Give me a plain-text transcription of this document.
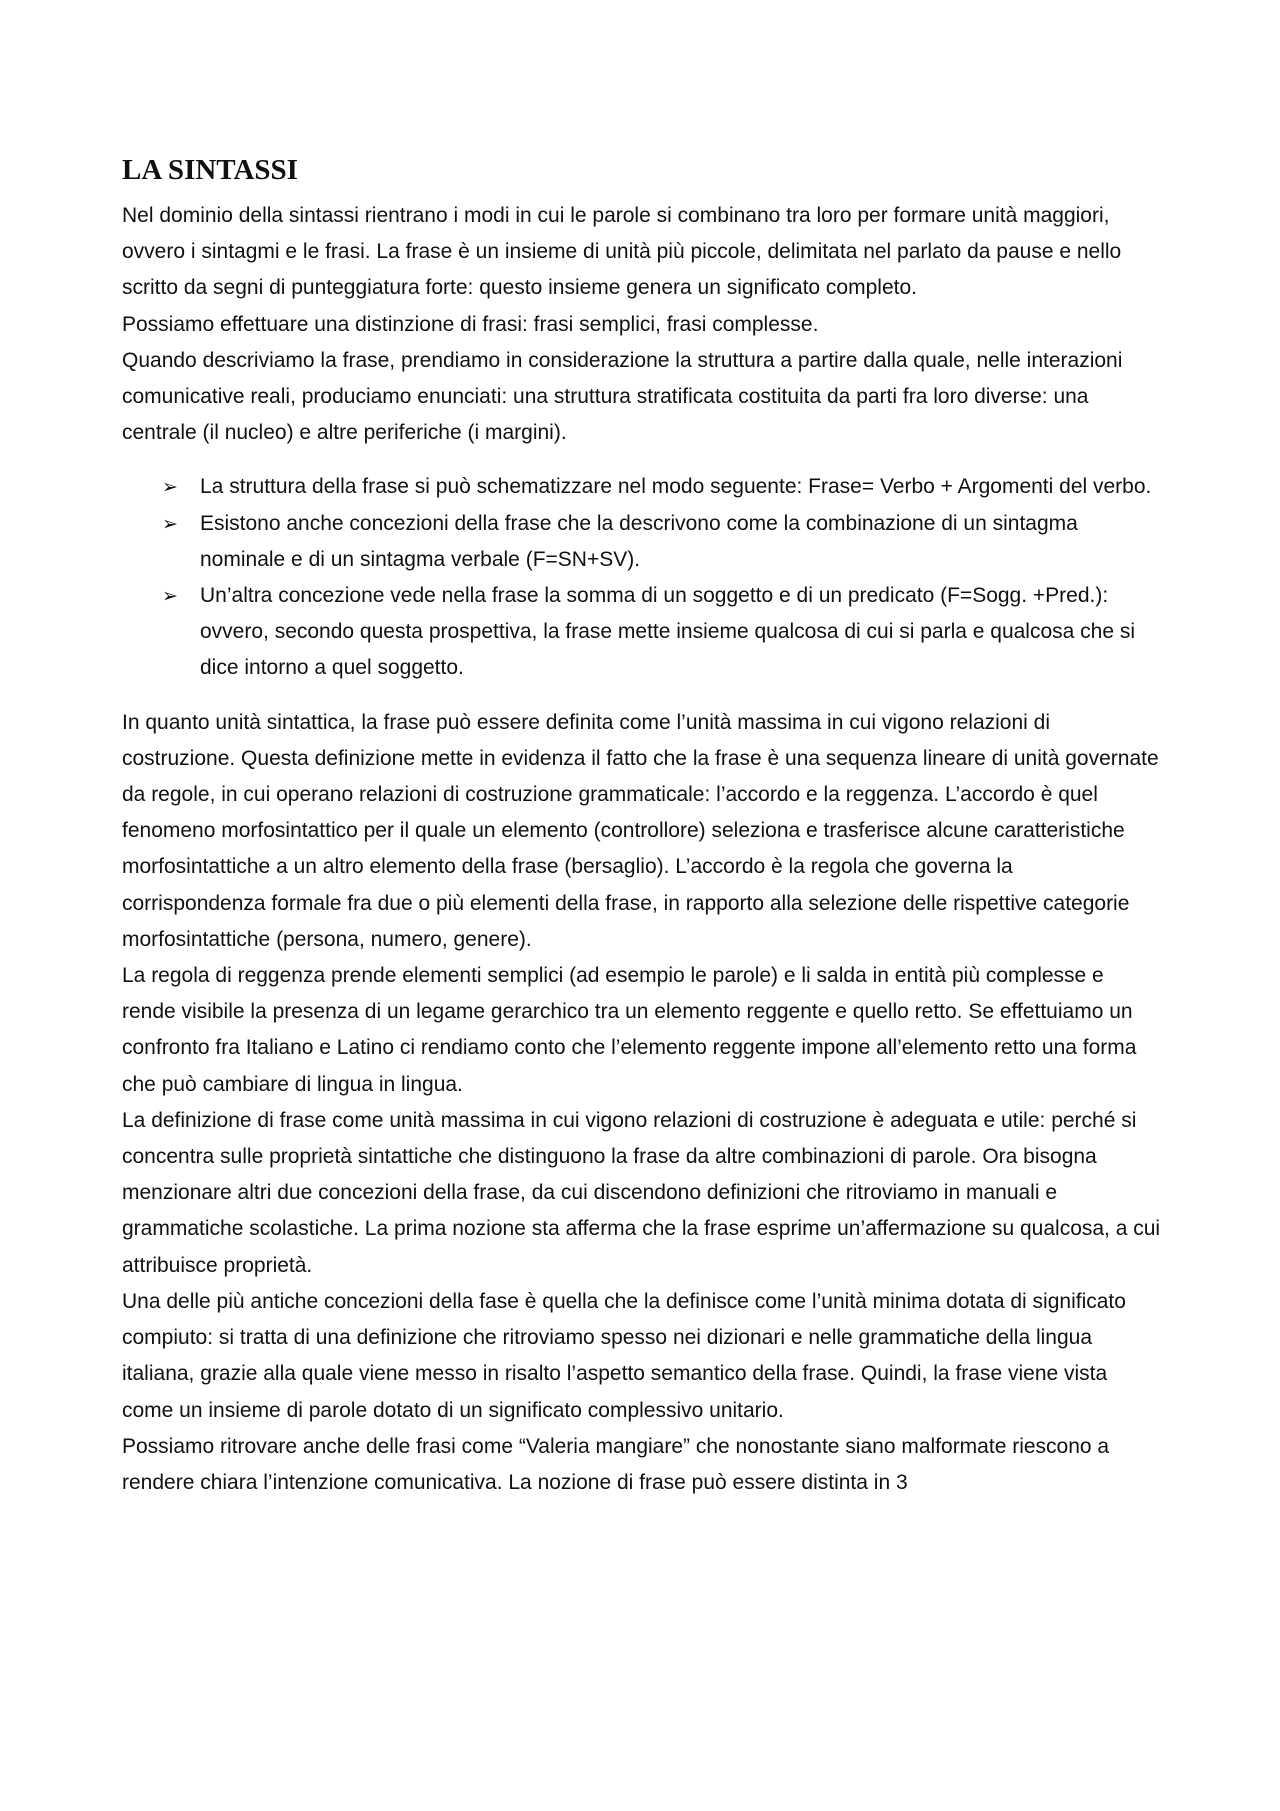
LA SINTASSI

Nel dominio della sintassi rientrano i modi in cui le parole si combinano tra loro per formare unità maggiori, ovvero i sintagmi e le frasi. La frase è un insieme di unità più piccole, delimitata nel parlato da pause e nello scritto da segni di punteggiatura forte: questo insieme genera un significato completo.

Possiamo effettuare una distinzione di frasi: frasi semplici, frasi complesse.

Quando descriviamo la frase, prendiamo in considerazione la struttura a partire dalla quale, nelle interazioni comunicative reali, produciamo enunciati: una struttura stratificata costituita da parti fra loro diverse: una centrale (il nucleo) e altre periferiche (i margini).

➢ La struttura della frase si può schematizzare nel modo seguente: Frase= Verbo + Argomenti del verbo.
➢ Esistono anche concezioni della frase che la descrivono come la combinazione di un sintagma nominale e di un sintagma verbale (F=SN+SV).
➢ Un’altra concezione vede nella frase la somma di un soggetto e di un predicato (F=Sogg. +Pred.): ovvero, secondo questa prospettiva, la frase mette insieme qualcosa di cui si parla e qualcosa che si dice intorno a quel soggetto.

In quanto unità sintattica, la frase può essere definita come l’unità massima in cui vigono relazioni di costruzione. Questa definizione mette in evidenza il fatto che la frase è una sequenza lineare di unità governate da regole, in cui operano relazioni di costruzione grammaticale: l’accordo e la reggenza. L’accordo è quel fenomeno morfosintattico per il quale un elemento (controllore) seleziona e trasferisce alcune caratteristiche morfosintattiche a un altro elemento della frase (bersaglio). L’accordo è la regola che governa la corrispondenza formale fra due o più elementi della frase, in rapporto alla selezione delle rispettive categorie morfosintattiche (persona, numero, genere).

La regola di reggenza prende elementi semplici (ad esempio le parole) e li salda in entità più complesse e rende visibile la presenza di un legame gerarchico tra un elemento reggente e quello retto. Se effettuiamo un confronto fra Italiano e Latino ci rendiamo conto che l’elemento reggente impone all’elemento retto una forma che può cambiare di lingua in lingua.

La definizione di frase come unità massima in cui vigono relazioni di costruzione è adeguata e utile: perché si concentra sulle proprietà sintattiche che distinguono la frase da altre combinazioni di parole. Ora bisogna menzionare altri due concezioni della frase, da cui discendono definizioni che ritroviamo in manuali e grammatiche scolastiche. La prima nozione sta afferma che la frase esprime un’affermazione su qualcosa, a cui attribuisce proprietà.

Una delle più antiche concezioni della fase è quella che la definisce come l’unità minima dotata di significato compiuto: si tratta di una definizione che ritroviamo spesso nei dizionari e nelle grammatiche della lingua italiana, grazie alla quale viene messo in risalto l’aspetto semantico della frase. Quindi, la frase viene vista come un insieme di parole dotato di un significato complessivo unitario.

Possiamo ritrovare anche delle frasi come “Valeria mangiare” che nonostante siano malformate riescono a rendere chiara l’intenzione comunicativa. La nozione di frase può essere distinta in 3
